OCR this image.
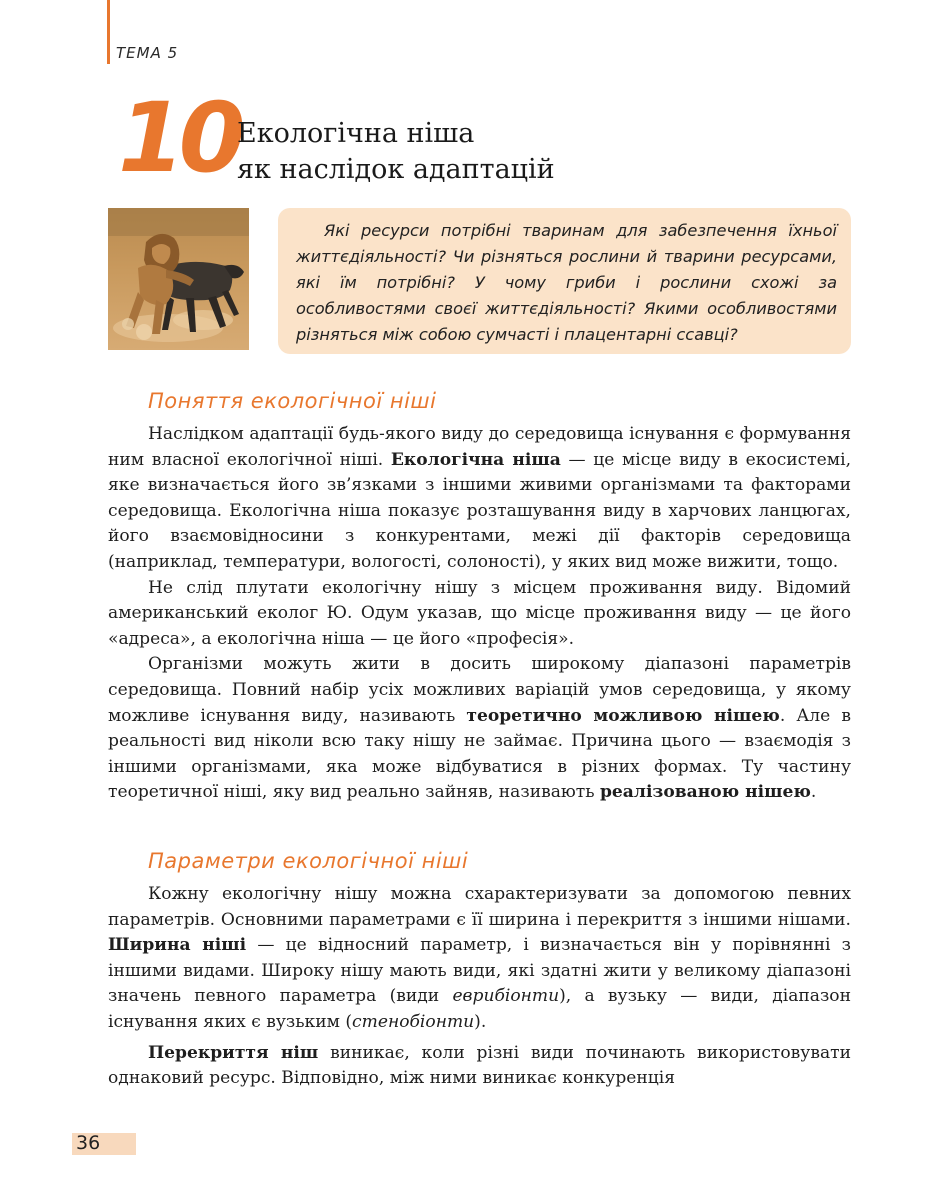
ТЕМА 5
10
Екологічна ніша
як наслідок адаптацій

Які ресурси потрібні тваринам для забезпечення їхньої життєдіяльності? Чи різняться рослини й тварини ресурсами, які їм потрібні? У чому гриби і рослини схожі за особливостями своєї життєдіяльності? Якими особливостями різняться між собою сумчасті і плацентарні ссавці?

Поняття екологічної ніші

Наслідком адаптації будь-якого виду до середовища існування є формування ним власної екологічної ніші. Екологічна ніша — це місце виду в екосистемі, яке визначається його зв’язками з іншими живими організмами та факторами середовища. Екологічна ніша показує розташування виду в харчових ланцюгах, його взаємовідносини з конкурентами, межі дії факторів середовища (наприклад, температури, вологості, солоності), у яких вид може вижити, тощо.

Не слід плутати екологічну нішу з місцем проживання виду. Відомий американський еколог Ю. Одум указав, що місце проживання виду — це його «адреса», а екологічна ніша — це його «професія».

Організми можуть жити в досить широкому діапазоні параметрів середовища. Повний набір усіх можливих варіацій умов середовища, у якому можливе існування виду, називають теоретично можливою нішею. Але в реальності вид ніколи всю таку нішу не займає. Причина цього — взаємодія з іншими організмами, яка може відбуватися в різних формах. Ту частину теоретичної ніші, яку вид реально зайняв, називають реалізованою нішею.

Параметри екологічної ніші

Кожну екологічну нішу можна схарактеризувати за допомогою певних параметрів. Основними параметрами є її ширина і перекриття з іншими нішами. Ширина ніші — це відносний параметр, і визначається він у порівнянні з іншими видами. Широку нішу мають види, які здатні жити у великому діапазоні значень певного параметра (види еврибіонти), а вузьку — види, діапазон існування яких є вузьким (стенобіонти).

Перекриття ніш виникає, коли різні види починають використовувати однаковий ресурс. Відповідно, між ними виникає конкуренція

36
